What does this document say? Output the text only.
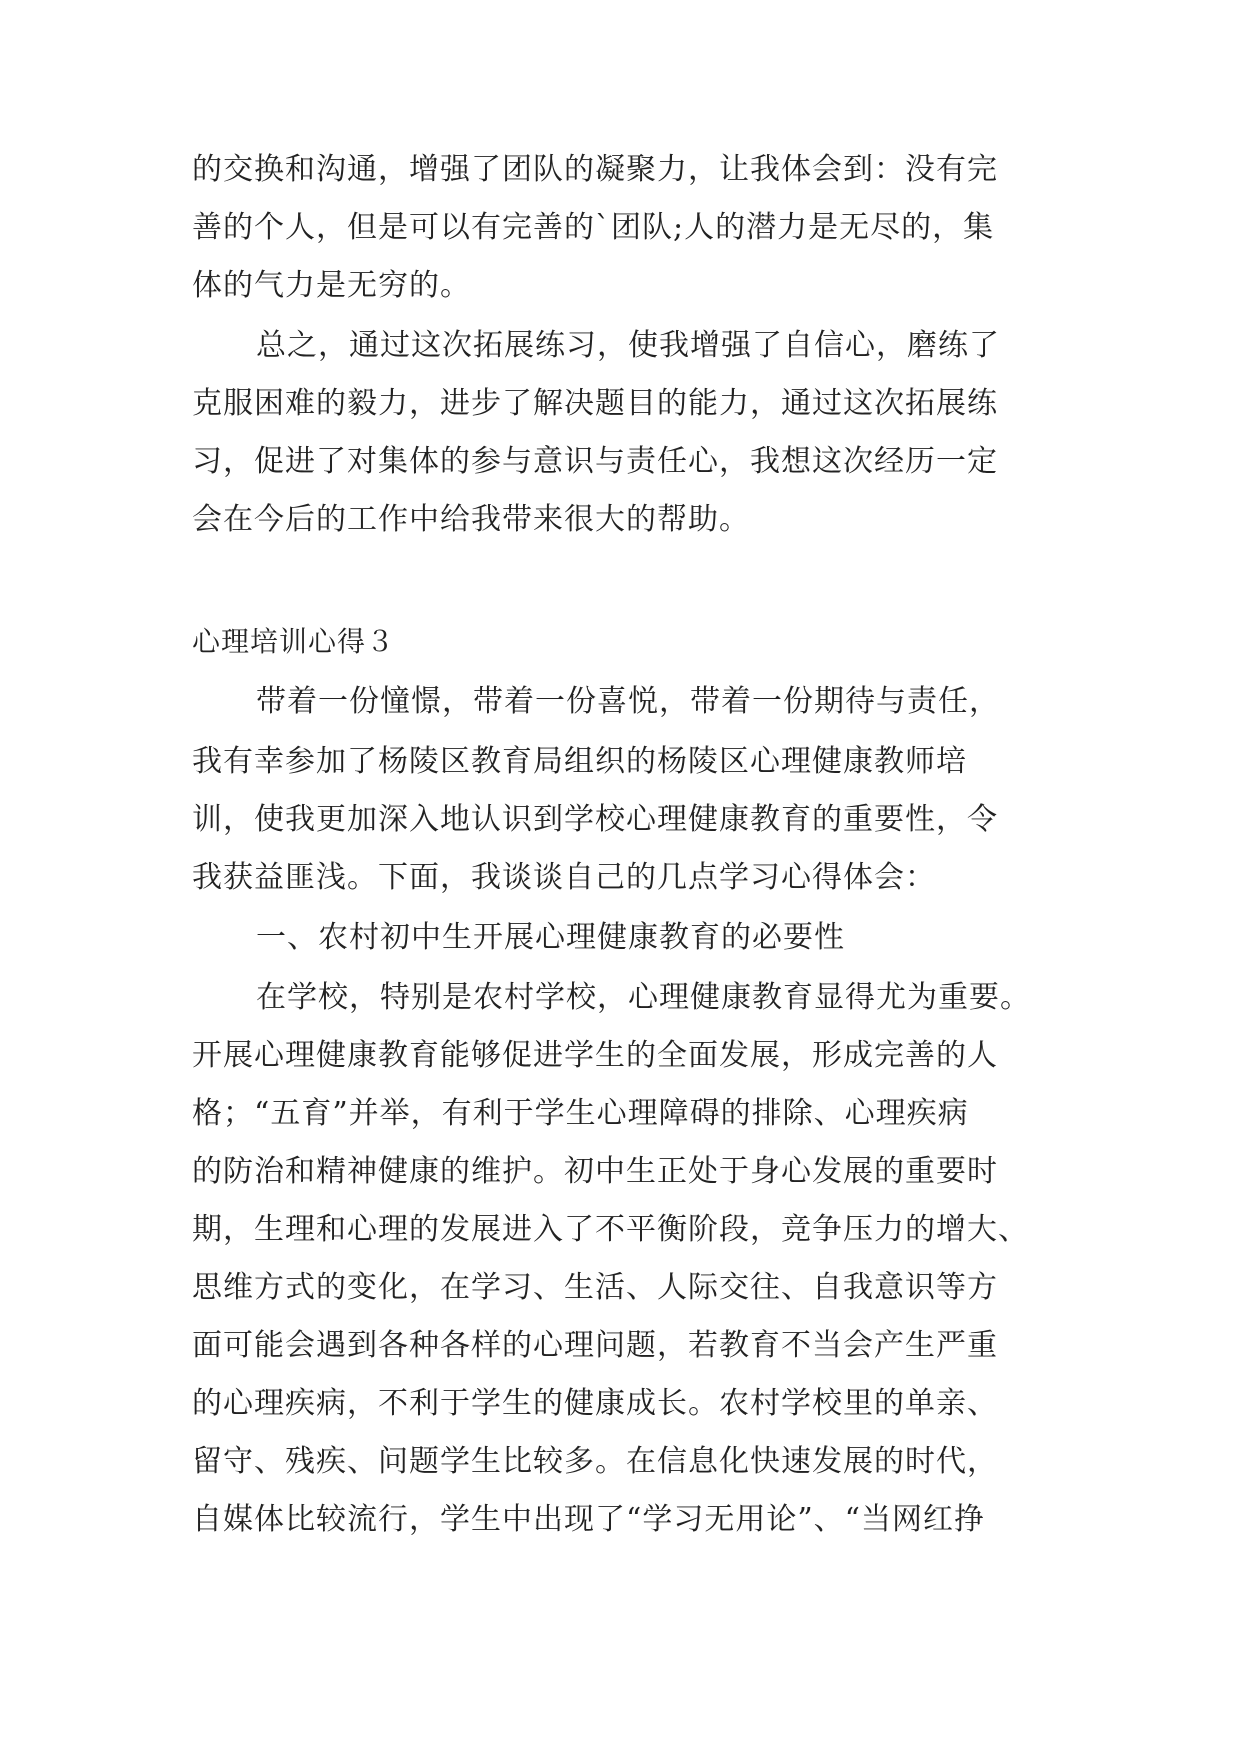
的交换和沟通，增强了团队的凝聚力，让我体会到：没有完
善的个人，但是可以有完善的`团队;人的潜力是无尽的，集
体的气力是无穷的。
总之，通过这次拓展练习，使我增强了自信心，磨练了
克服困难的毅力，进步了解决题目的能力，通过这次拓展练
习，促进了对集体的参与意识与责任心，我想这次经历一定
会在今后的工作中给我带来很大的帮助。
心理培训心得３
带着一份憧憬，带着一份喜悦，带着一份期待与责任，
我有幸参加了杨陵区教育局组织的杨陵区心理健康教师培
训，使我更加深入地认识到学校心理健康教育的重要性，令
我获益匪浅。下面，我谈谈自己的几点学习心得体会：
一、农村初中生开展心理健康教育的必要性
在学校，特别是农村学校，心理健康教育显得尤为重要。
开展心理健康教育能够促进学生的全面发展，形成完善的人
格；“五育”并举，有利于学生心理障碍的排除、心理疾病
的防治和精神健康的维护。初中生正处于身心发展的重要时
期，生理和心理的发展进入了不平衡阶段，竞争压力的增大、
思维方式的变化，在学习、生活、人际交往、自我意识等方
面可能会遇到各种各样的心理问题，若教育不当会产生严重
的心理疾病，不利于学生的健康成长。农村学校里的单亲、
留守、残疾、问题学生比较多。在信息化快速发展的时代，
自媒体比较流行，学生中出现了“学习无用论”、“当网红挣
